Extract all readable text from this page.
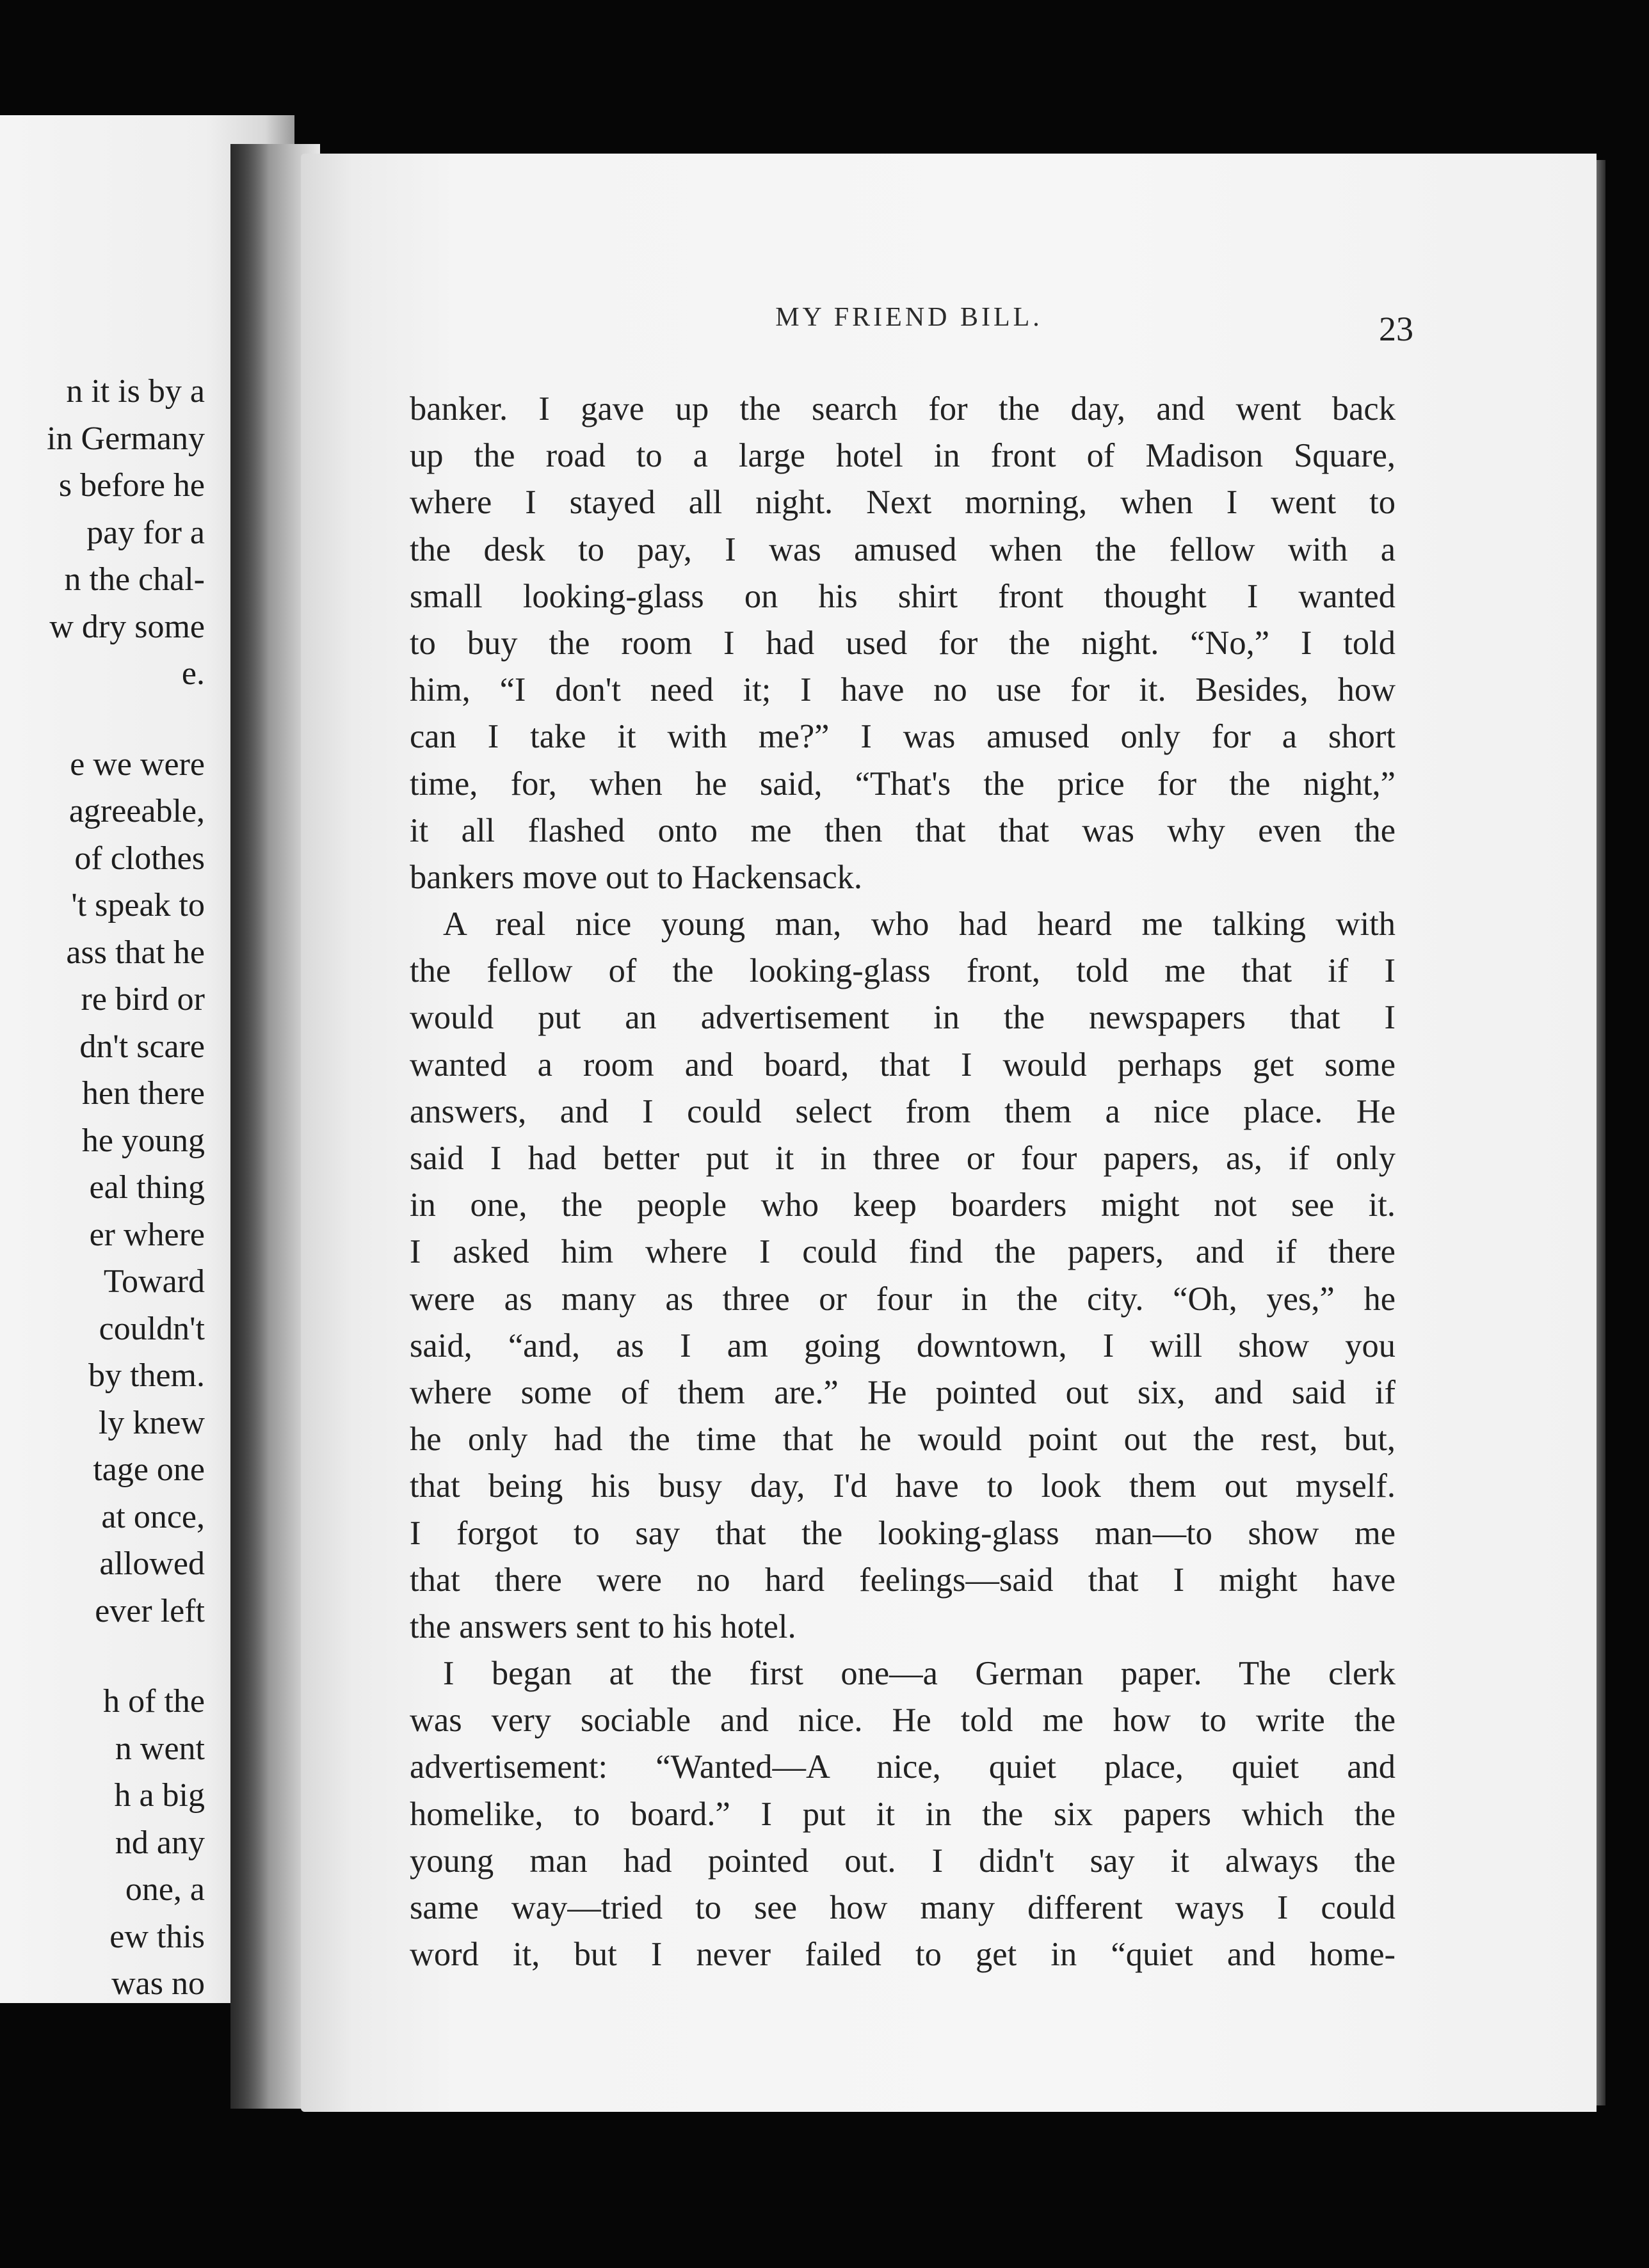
n it is by a
in Germany
s before he
pay for a
n the chal-
w dry some
e.
e we were
agreeable,
of clothes
't speak to
ass that he
re bird or
dn't scare
hen there
he young
eal thing
er where
Toward
couldn't
by them.
ly knew
tage one
at once,
allowed
ever left
h of the
n went
h a big
nd any
one, a
ew this
was no
MY FRIEND BILL.	23
banker. I gave up the search for the day, and went back
up the road to a large hotel in front of Madison Square,
where I stayed all night. Next morning, when I went to
the desk to pay, I was amused when the fellow with a
small looking-glass on his shirt front thought I wanted
to buy the room I had used for the night. “No,” I told
him, “I don't need it; I have no use for it. Besides, how
can I take it with me?” I was amused only for a short
time, for, when he said, “That's the price for the night,”
it all flashed onto me then that that was why even the
bankers move out to Hackensack.
A real nice young man, who had heard me talking with
the fellow of the looking-glass front, told me that if I
would put an advertisement in the newspapers that I
wanted a room and board, that I would perhaps get some
answers, and I could select from them a nice place. He
said I had better put it in three or four papers, as, if only
in one, the people who keep boarders might not see it.
I asked him where I could find the papers, and if there
were as many as three or four in the city. “Oh, yes,” he
said, “and, as I am going downtown, I will show you
where some of them are.” He pointed out six, and said if
he only had the time that he would point out the rest, but,
that being his busy day, I'd have to look them out myself.
I forgot to say that the looking-glass man—to show me
that there were no hard feelings—said that I might have
the answers sent to his hotel.
I began at the first one—a German paper. The clerk
was very sociable and nice. He told me how to write the
advertisement: “Wanted—A nice, quiet place, quiet and
homelike, to board.” I put it in the six papers which the
young man had pointed out. I didn't say it always the
same way—tried to see how many different ways I could
word it, but I never failed to get in “quiet and home-
